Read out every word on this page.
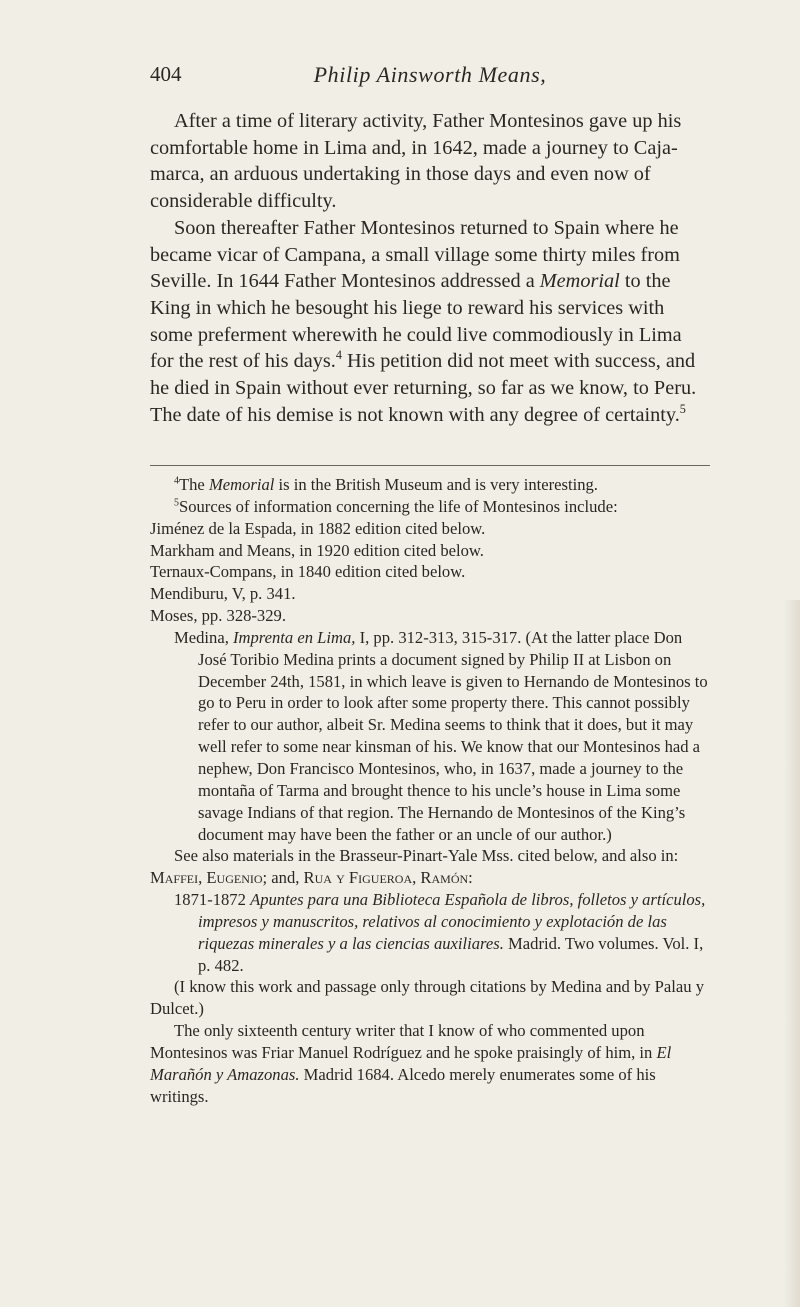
404	Philip Ainsworth Means,

After a time of literary activity, Father Montesinos gave up his comfortable home in Lima and, in 1642, made a journey to Caja-marca, an arduous undertaking in those days and even now of considerable difficulty.

Soon thereafter Father Montesinos returned to Spain where he became vicar of Campana, a small village some thirty miles from Seville. In 1644 Father Montesinos addressed a Memorial to the King in which he besought his liege to reward his services with some preferment wherewith he could live commodiously in Lima for the rest of his days.$^4$ His petition did not meet with success, and he died in Spain without ever returning, so far as we know, to Peru. The date of his demise is not known with any degree of certainty.$^5$

$^4$The Memorial is in the British Museum and is very interesting.

$^5$Sources of information concerning the life of Montesinos include:

Jiménez de la Espada, in 1882 edition cited below.

Markham and Means, in 1920 edition cited below.

Ternaux-Compans, in 1840 edition cited below.

Mendiburu, V, p. 341.

Moses, pp. 328-329.

Medina, Imprenta en Lima, I, pp. 312-313, 315-317. (At the latter place Don José Toribio Medina prints a document signed by Philip II at Lisbon on December 24th, 1581, in which leave is given to Hernando de Montesinos to go to Peru in order to look after some property there. This cannot possibly refer to our author, albeit Sr. Medina seems to think that it does, but it may well refer to some near kinsman of his. We know that our Montesinos had a nephew, Don Francisco Montesinos, who, in 1637, made a journey to the montaña of Tarma and brought thence to his uncle’s house in Lima some savage Indians of that region. The Hernando de Montesinos of the King’s document may have been the father or an uncle of our author.)

See also materials in the Brasseur-Pinart-Yale Mss. cited below, and also in:

Maffei, Eugenio; and, Rua y Figueroa, Ramón:

1871-1872 Apuntes para una Biblioteca Española de libros, folletos y artículos, impresos y manuscritos, relativos al conocimiento y explotación de las riquezas minerales y a las ciencias auxiliares. Madrid. Two volumes. Vol. I, p. 482.

(I know this work and passage only through citations by Medina and by Palau y Dulcet.)

The only sixteenth century writer that I know of who commented upon Montesinos was Friar Manuel Rodríguez and he spoke praisingly of him, in El Marañón y Amazonas. Madrid 1684. Alcedo merely enumerates some of his writings.
